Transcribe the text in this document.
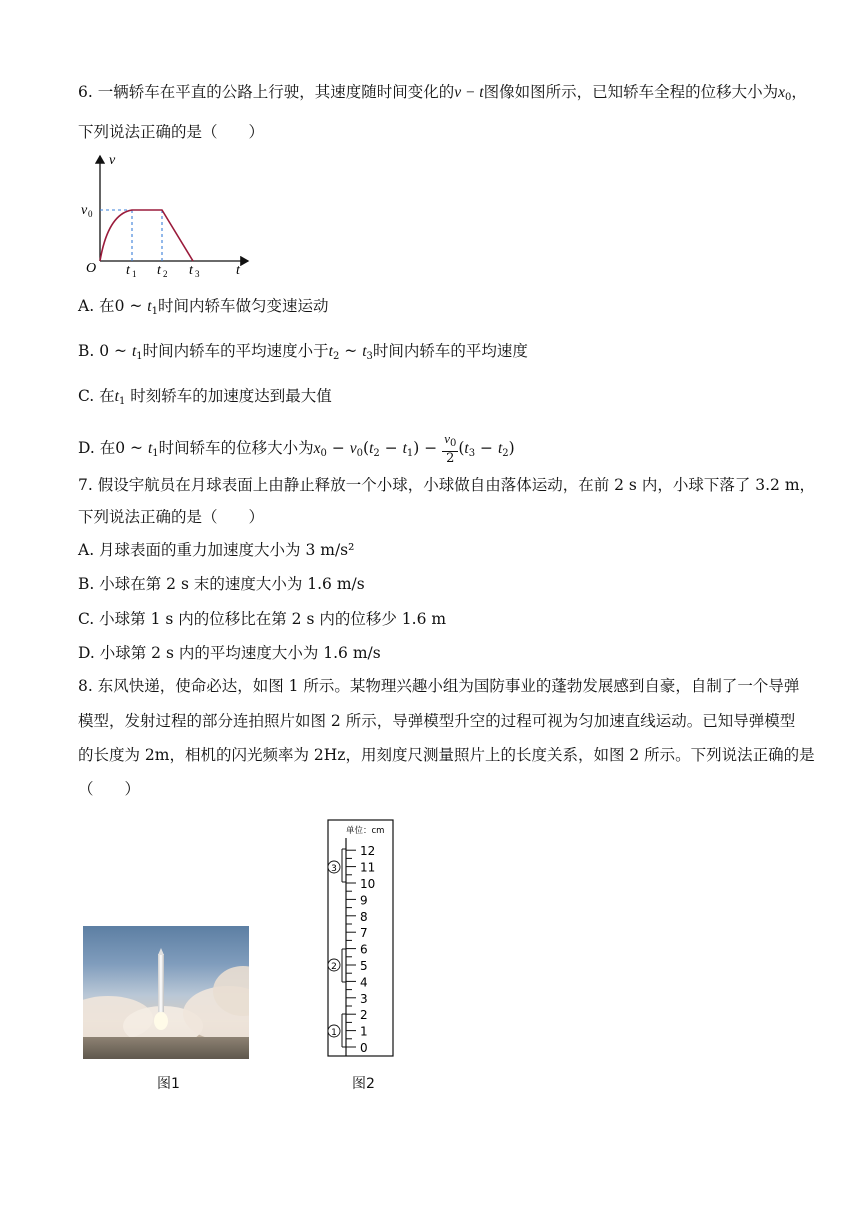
6. 一辆轿车在平直的公路上行驶，其速度随时间变化的v − t图像如图所示，已知轿车全程的位移大小为$x_0$，
下列说法正确的是（　　）
v
v 0
O t 1 t 2 t 3	t
A. 在0 ~ $t_1$时间内轿车做匀变速运动
B. 0 ~ $t_1$时间内轿车的平均速度小于$t_2$ ~ $t_3$时间内轿车的平均速度
C. 在$t_1$ 时刻轿车的加速度达到最大值
D. 在0 ~ $t_1$时间轿车的位移大小为$x_0 - v_0(t_2 - t_1) - \frac{v_0}{2} (t_3 - t_2)$
7. 假设宇航员在月球表面上由静止释放一个小球，小球做自由落体运动，在前 2 s 内，小球下落了 3.2 m，
下列说法正确的是（　　）
A. 月球表面的重力加速度大小为 3 m/s²
B. 小球在第 2 s 末的速度大小为 1.6 m/s
C. 小球第 1 s 内的位移比在第 2 s 内的位移少 1.6 m
D. 小球第 2 s 内的平均速度大小为 1.6 m/s
8. 东风快递，使命必达，如图 1 所示。某物理兴趣小组为国防事业的蓬勃发展感到自豪，自制了一个导弹
模型，发射过程的部分连拍照片如图 2 所示，导弹模型升空的过程可视为匀加速直线运动。已知导弹模型
的长度为 2m，相机的闪光频率为 2Hz，用刻度尺测量照片上的长度关系，如图 2 所示。下列说法正确的是
（　　）
图1
单位：cm
12
11
10
9
8
7
6
5
4
3
2
1
0
3
2
1
图2
